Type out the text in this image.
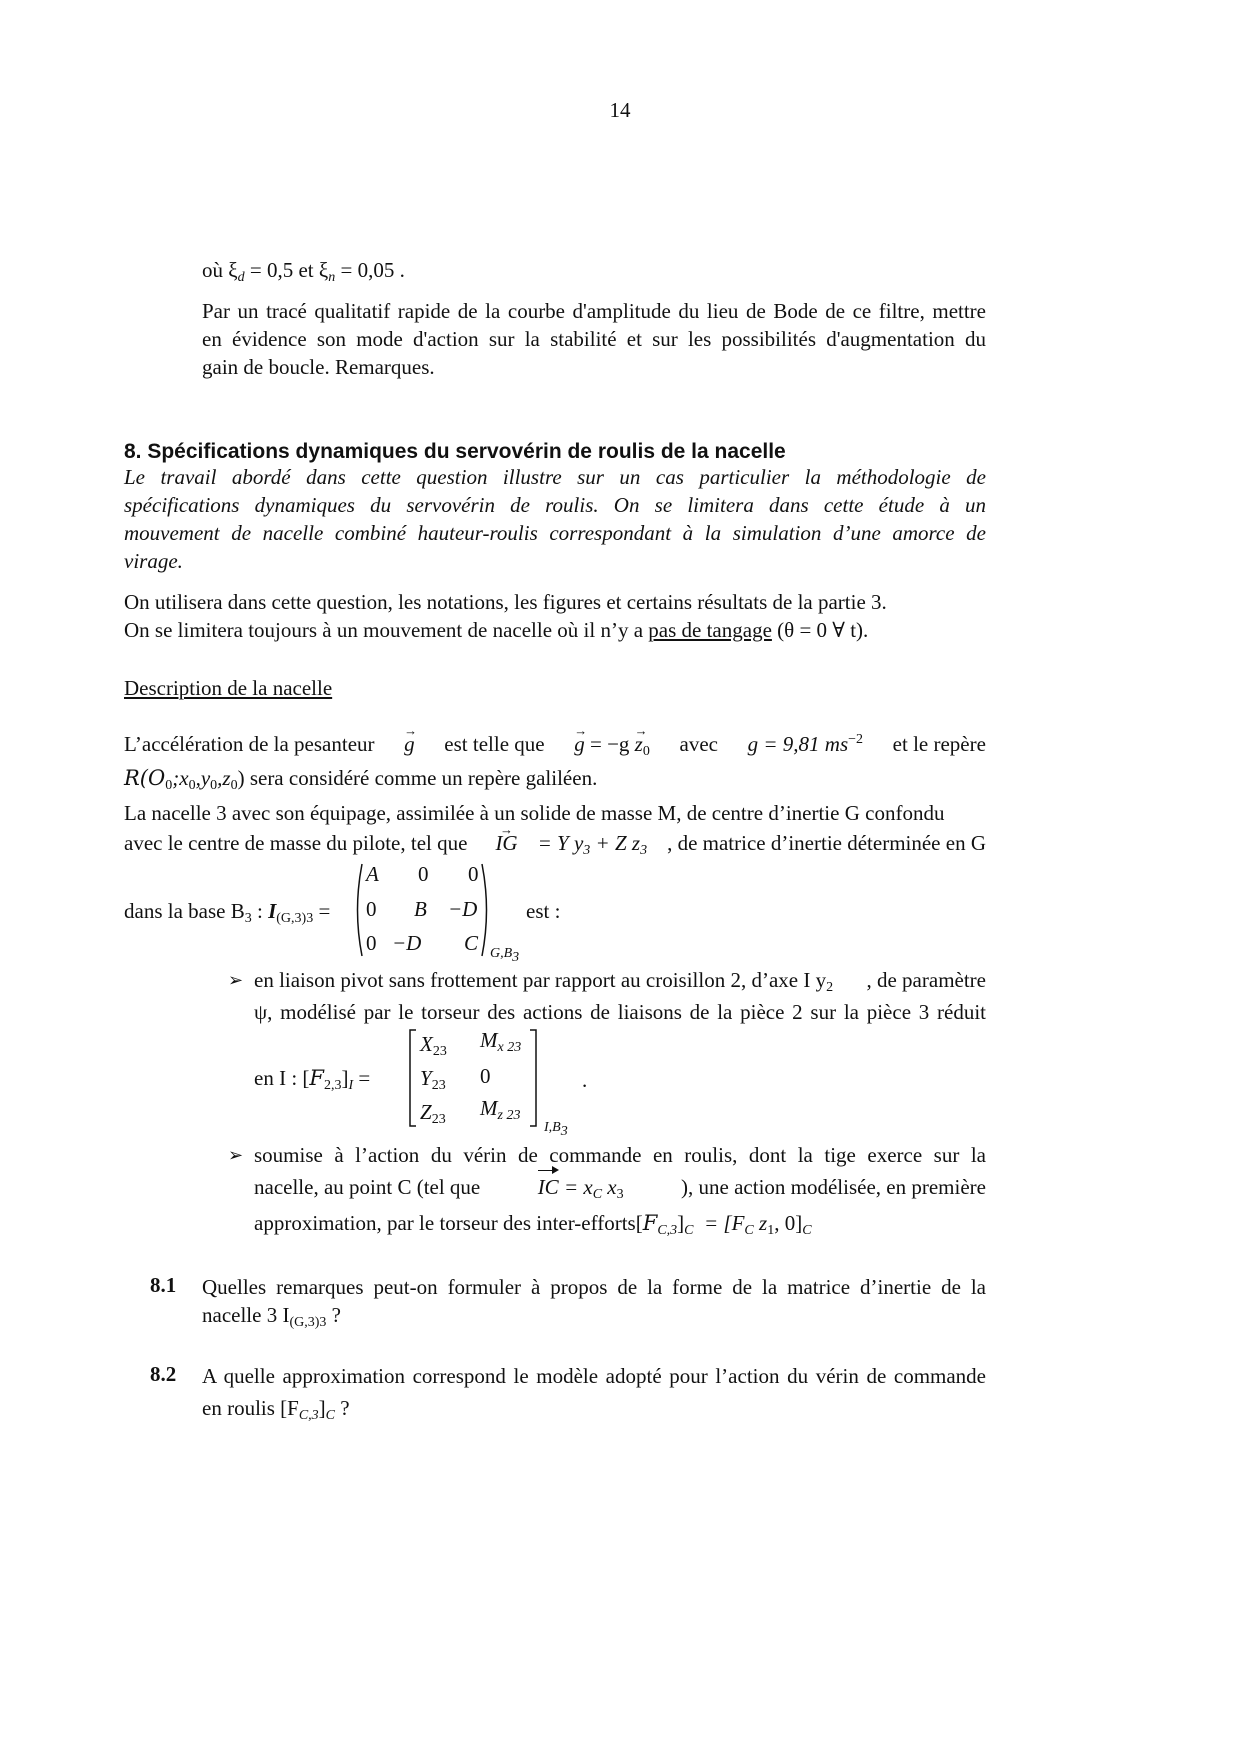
14
où $\xi_d = 0,5$ et $\xi_n = 0,05$ .
Par un tracé qualitatif rapide de la courbe d'amplitude du lieu de Bode de ce filtre, mettre
en évidence son mode d'action sur la stabilité et sur les possibilités d'augmentation du
gain de boucle. Remarques.
8. Spécifications dynamiques du servovérin de roulis de la nacelle
Le travail abordé dans cette question illustre sur un cas particulier la méthodologie de
spécifications dynamiques du servovérin de roulis. On se limitera dans cette étude à un
mouvement de nacelle combiné hauteur-roulis correspondant à la simulation d’une amorce de
virage.
On utilisera dans cette question, les notations, les figures et certains résultats de la partie 3.
On se limitera toujours à un mouvement de nacelle où il n’y a pas de tangage (θ = 0 ∀ t).
Description de la nacelle
L’accélération de la pesanteur → g est telle que → $g = -g \to z_0$ avec g = 9,81 $ms^{-2}$ et le repère
$R(O_0;x_0,y_0,z_0)$ sera considéré comme un repère galiléen.
La nacelle 3 avec son équipage, assimilée à un solide de masse M, de centre d’inertie G confondu
avec le centre de masse du pilote, tel que → IG = Y $y_3 + Z$ $z_3$ , de matrice d’inertie déterminée en G
dans la base $B_3$ : $I_{(G,3)3}$ =
A 0 0
0 B −D
0 −D C $G,B_3$
est :
➢ en liaison pivot sans frottement par rapport au croisillon 2, d’axe I $y_2$ , de paramètre
ψ, modélisé par le torseur des actions de liaisons de la pièce 2 sur la pièce 3 réduit
en I : $[F_{2,3}]_I$ =
$X_{23}$ $M_{x 23}$
$Y_{23}$ 0
$Z_{23}$ $M_{z 23}$
$I,B_3$
.
➢ soumise à l’action du vérin de commande en roulis, dont la tige exerce sur la
nacelle, au point C (tel que	IC = $x_C$ $x_3$	), une action modélisée, en première
approximation, par le torseur des inter-$efforts[F_{C,3}]_C = [F_C$ $z_1$, $0]_C$
8.1 Quelles remarques peut-on formuler à propos de la forme de la matrice d’inertie de la
nacelle 3 $I_{(G,3)3}$ ?
8.2 A quelle approximation correspond le modèle adopté pour l’action du vérin de commande
en roulis $[F_{C,3}]_C$ ?
